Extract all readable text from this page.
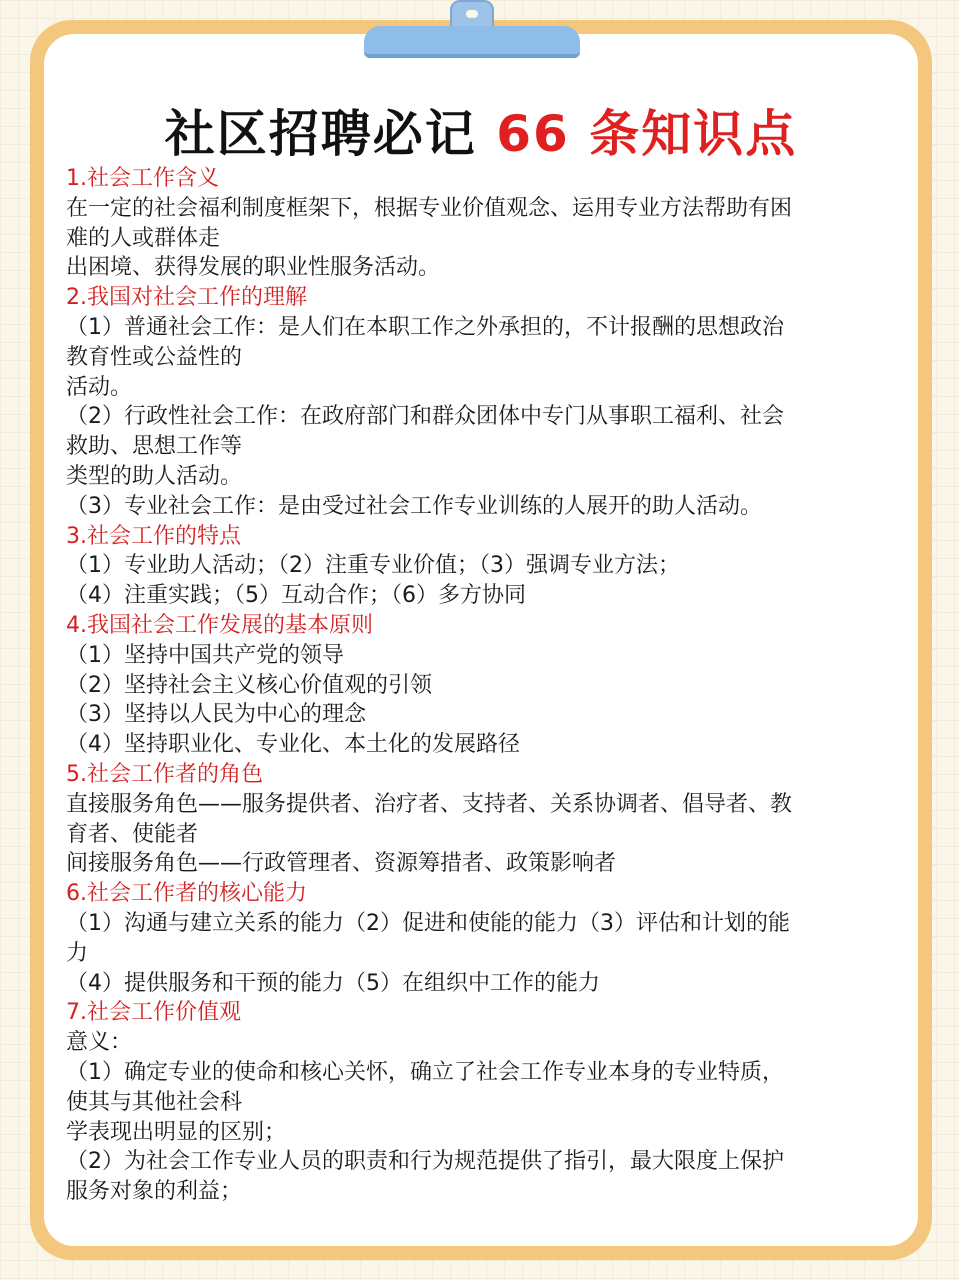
社区招聘必记 66 条知识点
1.社会工作含义
在一定的社会福利制度框架下，根据专业价值观念、运用专业方法帮助有困
难的人或群体走
出困境、获得发展的职业性服务活动。
2.我国对社会工作的理解
（1）普通社会工作：是人们在本职工作之外承担的，不计报酬的思想政治
教育性或公益性的
活动。
（2）行政性社会工作：在政府部门和群众团体中专门从事职工福利、社会
救助、思想工作等
类型的助人活动。
（3）专业社会工作：是由受过社会工作专业训练的人展开的助人活动。
3.社会工作的特点
（1）专业助人活动；（2）注重专业价值；（3）强调专业方法；
（4）注重实践；（5）互动合作；（6）多方协同
4.我国社会工作发展的基本原则
（1）坚持中国共产党的领导
（2）坚持社会主义核心价值观的引领
（3）坚持以人民为中心的理念
（4）坚持职业化、专业化、本土化的发展路径
5.社会工作者的角色
直接服务角色——服务提供者、治疗者、支持者、关系协调者、倡导者、教
育者、使能者
间接服务角色——行政管理者、资源筹措者、政策影响者
6.社会工作者的核心能力
（1）沟通与建立关系的能力（2）促进和使能的能力（3）评估和计划的能
力
（4）提供服务和干预的能力（5）在组织中工作的能力
7.社会工作价值观
意义：
（1）确定专业的使命和核心关怀，确立了社会工作专业本身的专业特质，
使其与其他社会科
学表现出明显的区别；
（2）为社会工作专业人员的职责和行为规范提供了指引，最大限度上保护
服务对象的利益；
